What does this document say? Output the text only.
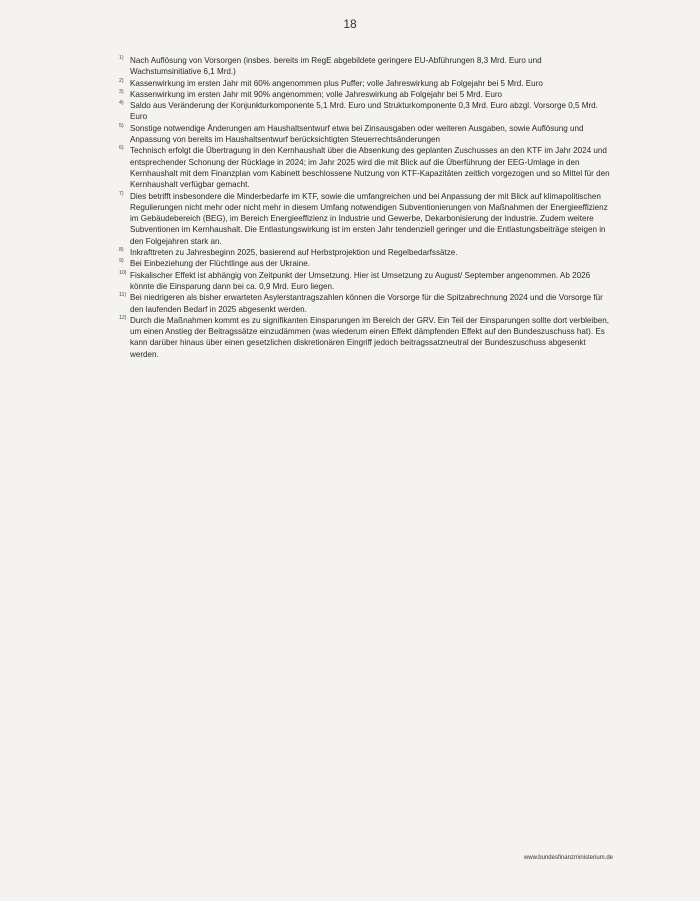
18
1) Nach Auflösung von Vorsorgen (insbes. bereits im RegE abgebildete geringere EU-Abführungen 8,3 Mrd. Euro und Wachstumsinitiative 6,1 Mrd.)
2) Kassenwirkung im ersten Jahr mit 60% angenommen plus Puffer; volle Jahreswirkung ab Folgejahr bei 5 Mrd. Euro
3) Kassenwirkung im ersten Jahr mit 90% angenommen; volle Jahreswirkung ab Folgejahr bei 5 Mrd. Euro
4) Saldo aus Veränderung der Konjunkturkomponente 5,1 Mrd. Euro und Strukturkomponente 0,3 Mrd. Euro abzgl. Vorsorge 0,5 Mrd. Euro
5) Sonstige notwendige Änderungen am Haushaltsentwurf etwa bei Zinsausgaben oder weiteren Ausgaben, sowie Auflösung und Anpassung von bereits im Haushaltsentwurf berücksichtigten Steuerrechtsänderungen
6) Technisch erfolgt die Übertragung in den Kernhaushalt über die Absenkung des geplanten Zuschusses an den KTF im Jahr 2024 und entsprechender Schonung der Rücklage in 2024; im Jahr 2025 wird die mit Blick auf die Überführung der EEG-Umlage in den Kernhaushalt mit dem Finanzplan vom Kabinett beschlossene Nutzung von KTF-Kapazitäten zeitlich vorgezogen und so Mittel für den Kernhaushalt verfügbar gemacht.
7) Dies betrifft insbesondere die Minderbedarfe im KTF, sowie die umfangreichen und bei Anpassung der mit Blick auf klimapolitischen Regulierungen nicht mehr oder nicht mehr in diesem Umfang notwendigen Subventionierungen von Maßnahmen der Energieeffizienz im Gebäudebereich (BEG), im Bereich Energieeffizienz in Industrie und Gewerbe, Dekarbonisierung der Industrie. Zudem weitere Subventionen im Kernhaushalt. Die Entlastungswirkung ist im ersten Jahr tendenziell geringer und die Entlastungsbeiträge steigen in den Folgejahren stark an.
8) Inkrafttreten zu Jahresbeginn 2025, basierend auf Herbstprojektion und Regelbedarfssätze.
9) Bei Einbeziehung der Flüchtlinge aus der Ukraine.
10) Fiskalischer Effekt ist abhängig von Zeitpunkt der Umsetzung. Hier ist Umsetzung zu August/ September angenommen. Ab 2026 könnte die Einsparung dann bei ca. 0,9 Mrd. Euro liegen.
11) Bei niedrigeren als bisher erwarteten Asylerstantragszahlen können die Vorsorge für die Spitzabrechnung 2024 und die Vorsorge für den laufenden Bedarf in 2025 abgesenkt werden.
12) Durch die Maßnahmen kommt es zu signifikanten Einsparungen im Bereich der GRV. Ein Teil der Einsparungen sollte dort verbleiben, um einen Anstieg der Beitragssätze einzudämmen (was wiederum einen Effekt dämpfenden Effekt auf den Bundeszuschuss hat). Es kann darüber hinaus über einen gesetzlichen diskretionären Eingriff jedoch beitragssatzneutral der Bundeszuschuss abgesenkt werden.
www.bundesfinanzministerium.de
